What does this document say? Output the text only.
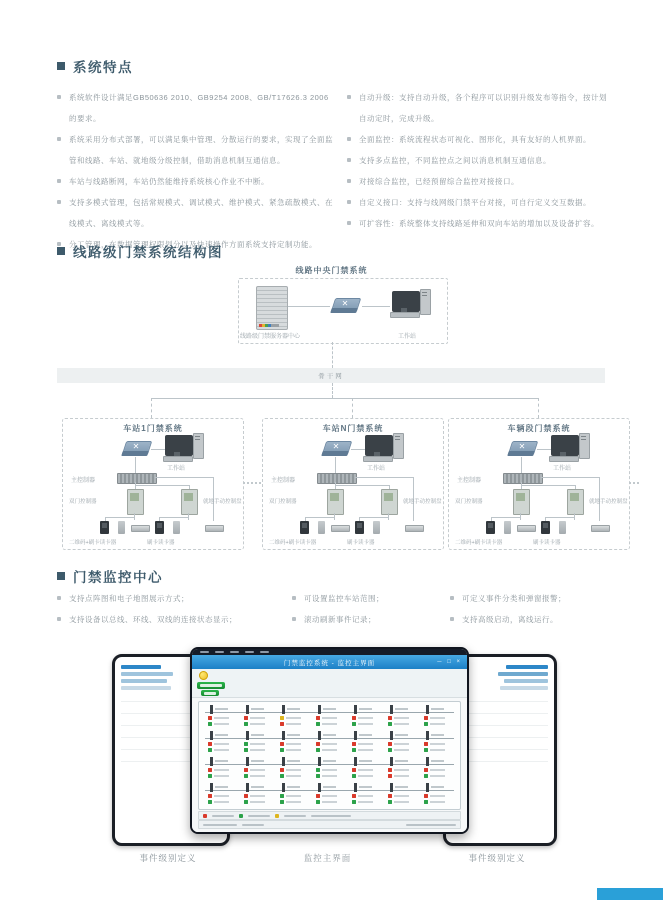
系统特点
系统软件设计满足GB50636 2010、GB9254 2008、GB/T17626.3 2006的要求。
系统采用分布式部署，可以满足集中管理、分散运行的要求，实现了全面监管和线路、车站、就地级分级控制，借助消息机制互通信息。
车站与线路断网，车站仍然能维持系统核心作业不中断。
支持多模式管理，包括常规模式、调试模式、维护模式、紧急疏散模式、在线模式、离线模式等。
分工管理，在数据管理权限划分以及快速操作方面系统支持定制功能。
自动升级：支持自动升级，各个程序可以识别升级发布等指令，按计划自动定时，完成升级。
全面监控：系统流程状态可视化、图形化，具有友好的人机界面。
支持多点监控，不同监控点之间以消息机制互通信息。
对接综合监控，已经预留综合监控对接接口。
自定义接口：支持与线网级门禁平台对接，可自行定义交互数据。
可扩容性：系统整体支持线路延伸和双向车站的增加以及设备扩容。
线路级门禁系统结构图
线路中央门禁系统
线路级门禁服务器中心
✕
工作站
骨干网
车站1门禁系统
✕
工作站
主控制器
双门控制器	就地手动控制盘
二维码+刷卡读卡器	刷卡读卡器
车站N门禁系统
✕
工作站
主控制器
双门控制器	就地手动控制盘
二维码+刷卡读卡器	刷卡读卡器
车辆段门禁系统
✕
工作站
主控制器
双门控制器	就地手动控制盘
二维码+刷卡读卡器	刷卡读卡器
门禁监控中心
支持点阵图和电子地图展示方式；
支持设备以总线、环线、双线的连接状态显示；
可设置监控车站范围；
滚动刷新事件记录；
可定义事件分类和弹窗报警；
支持高级启动，离线运行。
门禁监控系统 - 监控主界面	─ □ ×
事件级别定义	监控主界面	事件级别定义
